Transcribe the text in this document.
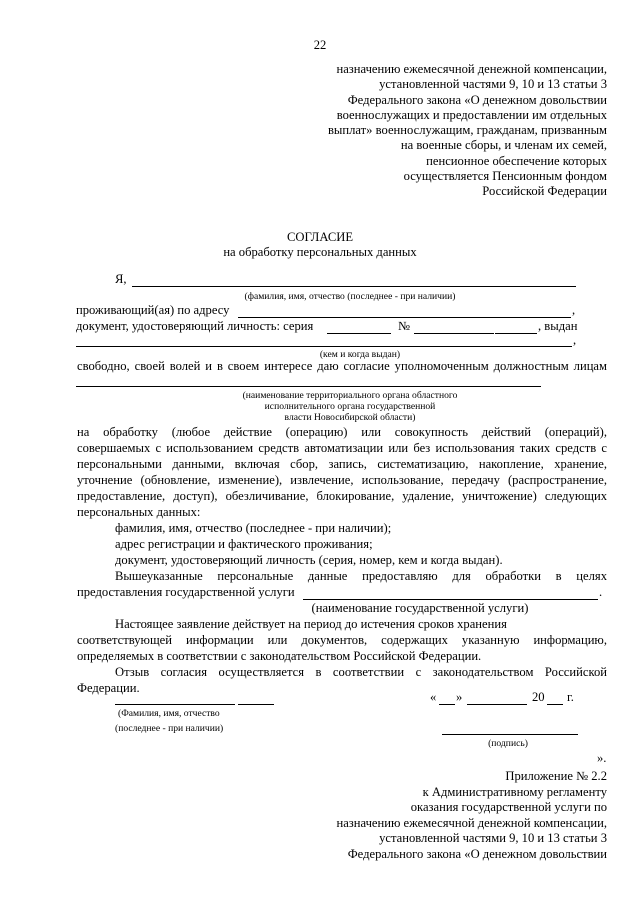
22
назначению ежемесячной денежной компенсации,
установленной частями 9, 10 и 13 статьи 3
Федерального закона «О денежном довольствии
военнослужащих и предоставлении им отдельных
выплат» военнослужащим, гражданам, призванным
на военные сборы, и членам их семей,
пенсионное обеспечение которых
осуществляется Пенсионным фондом
Российской Федерации
СОГЛАСИЕ
на обработку персональных данных
Я,
(фамилия, имя, отчество (последнее - при наличии)
проживающий(ая) по адресу	,
документ, удостоверяющий личность: серия	№	, выдан
,
(кем и когда выдан)
свободно, своей волей и в своем интересе даю согласие уполномоченным должностным лицам
(наименование территориального органа областного
исполнительного органа государственной
власти Новосибирской области)
на обработку (любое действие (операцию) или совокупность действий (операций),
совершаемых с использованием средств автоматизации или без использования таких средств с
персональными данными, включая сбор, запись, систематизацию, накопление, хранение,
уточнение (обновление, изменение), извлечение, использование, передачу (распространение,
предоставление, доступ), обезличивание, блокирование, удаление, уничтожение) следующих
персональных данных:
фамилия, имя, отчество (последнее - при наличии);
адрес регистрации и фактического проживания;
документ, удостоверяющий личность (серия, номер, кем и когда выдан).
Вышеуказанные персональные данные предоставляю для обработки в целях
предоставления государственной услуги	.
(наименование государственной услуги)
Настоящее заявление действует на период до истечения сроков хранения
соответствующей информации или документов, содержащих указанную информацию,
определяемых в соответствии с законодательством Российской Федерации.
Отзыв согласия осуществляется в соответствии с законодательством Российской
Федерации.
(Фамилия, имя, отчество
(последнее - при наличии)
« »	20 г.
(подпись)
».
Приложение № 2.2
к Административному регламенту
оказания государственной услуги по
назначению ежемесячной денежной компенсации,
установленной частями 9, 10 и 13 статьи 3
Федерального закона «О денежном довольствии
